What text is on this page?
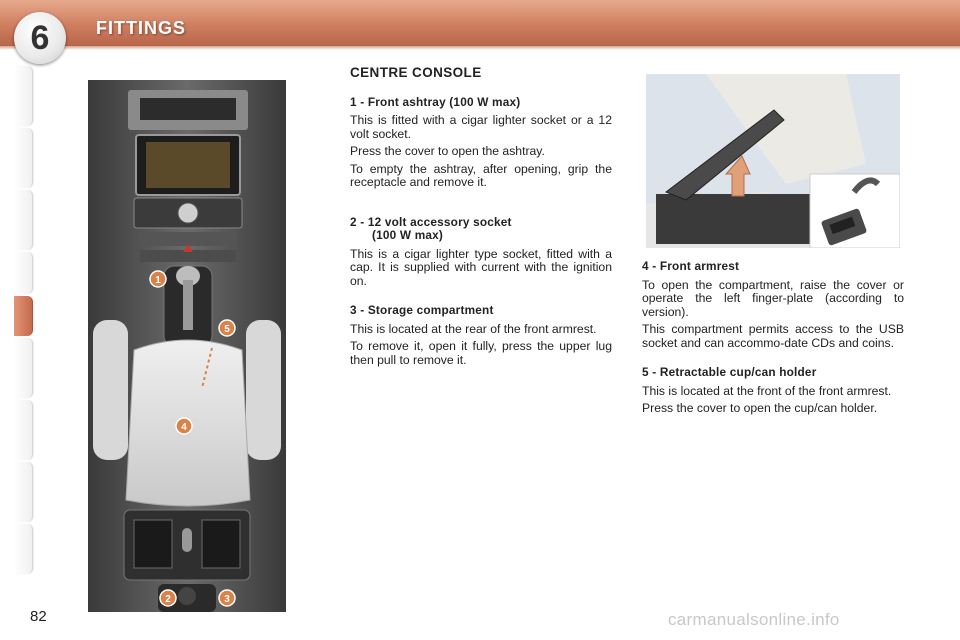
6	FITTINGS
1
2	3
4
5
CENTRE CONSOLE
1 - Front ashtray (100 W max)
This is fitted with a cigar lighter socket or a 12 volt socket.
Press the cover to open the ashtray.
To empty the ashtray, after opening, grip the receptacle and remove it.
2 - 12 volt accessory socket
(100 W max)
This is a cigar lighter type socket, fitted with a cap. It is supplied with current with the ignition on.
3 - Storage compartment
This is located at the rear of the front armrest.
To remove it, open it fully, press the upper lug then pull to remove it.
4 - Front armrest
To open the compartment, raise the cover or operate the left finger-plate (according to version).
This compartment permits access to the USB socket and can accommo-date CDs and coins.
5 - Retractable cup/can holder
This is located at the front of the front armrest.
Press the cover to open the cup/can holder.
82	carmanualsonline.info
